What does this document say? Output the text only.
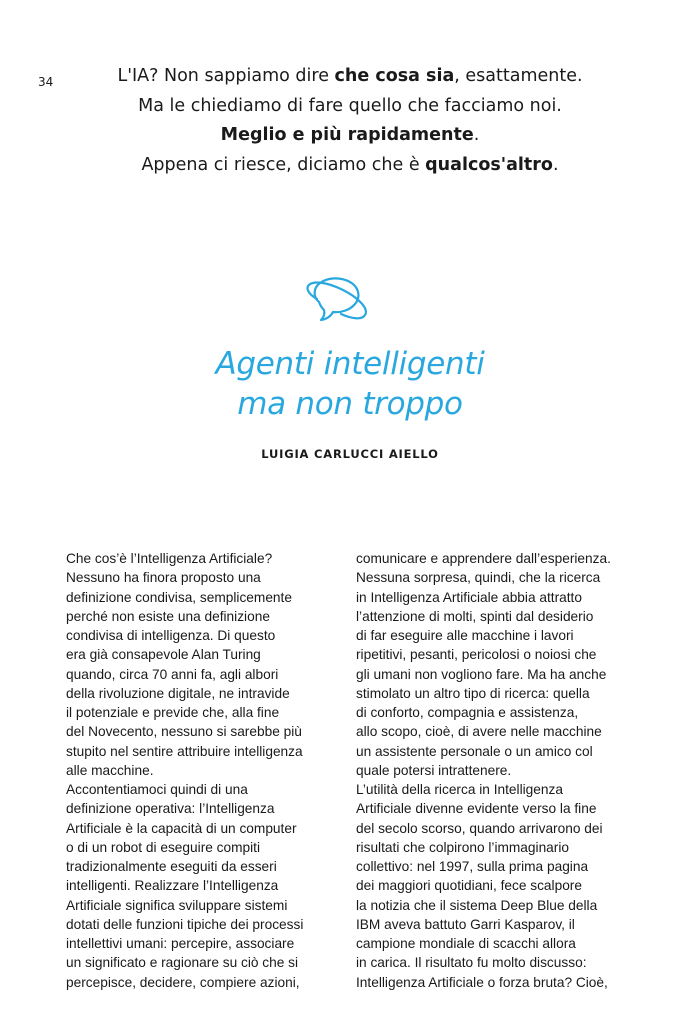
34	L'IA? Non sappiamo dire che cosa sia, esattamente.
Ma le chiediamo di fare quello che facciamo noi.
Meglio e più rapidamente.
Appena ci riesce, diciamo che è qualcos'altro.
Agenti intelligenti
ma non troppo
LUIGIA CARLUCCI AIELLO
Che cos’è l’Intelligenza Artificiale?
Nessuno ha finora proposto una
definizione condivisa, semplicemente
perché non esiste una definizione
condivisa di intelligenza. Di questo
era già consapevole Alan Turing
quando, circa 70 anni fa, agli albori
della rivoluzione digitale, ne intravide
il potenziale e previde che, alla fine
del Novecento, nessuno si sarebbe più
stupito nel sentire attribuire intelligenza
alle macchine.
Accontentiamoci quindi di una
definizione operativa: l’Intelligenza
Artificiale è la capacità di un computer
o di un robot di eseguire compiti
tradizionalmente eseguiti da esseri
intelligenti. Realizzare l’Intelligenza
Artificiale significa sviluppare sistemi
dotati delle funzioni tipiche dei processi
intellettivi umani: percepire, associare
un significato e ragionare su ciò che si
percepisce, decidere, compiere azioni,
comunicare e apprendere dall’esperienza.
Nessuna sorpresa, quindi, che la ricerca
in Intelligenza Artificiale abbia attratto
l’attenzione di molti, spinti dal desiderio
di far eseguire alle macchine i lavori
ripetitivi, pesanti, pericolosi o noiosi che
gli umani non vogliono fare. Ma ha anche
stimolato un altro tipo di ricerca: quella
di conforto, compagnia e assistenza,
allo scopo, cioè, di avere nelle macchine
un assistente personale o un amico col
quale potersi intrattenere.
L’utilità della ricerca in Intelligenza
Artificiale divenne evidente verso la fine
del secolo scorso, quando arrivarono dei
risultati che colpirono l’immaginario
collettivo: nel 1997, sulla prima pagina
dei maggiori quotidiani, fece scalpore
la notizia che il sistema Deep Blue della
IBM aveva battuto Garri Kasparov, il
campione mondiale di scacchi allora
in carica. Il risultato fu molto discusso:
Intelligenza Artificiale o forza bruta? Cioè,
